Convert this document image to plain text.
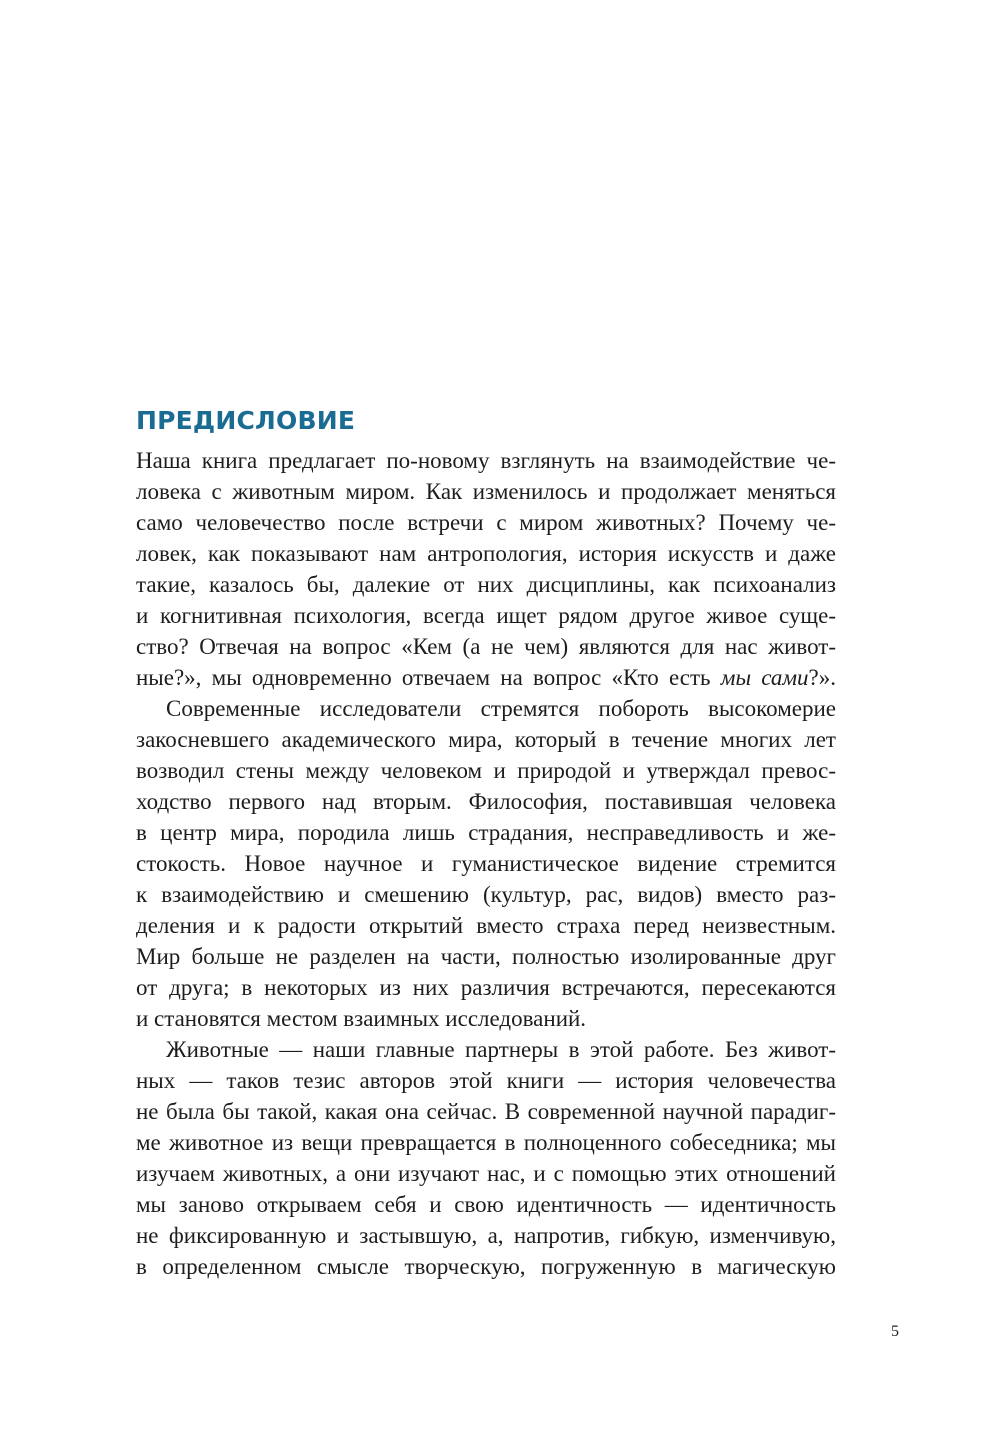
ПРЕДИСЛОВИЕ
Наша книга предлагает по-новому взглянуть на взаимодействие че-
ловека с животным миром. Как изменилось и продолжает меняться
само человечество после встречи с миром животных? Почему че-
ловек, как показывают нам антропология, история искусств и даже
такие, казалось бы, далекие от них дисциплины, как психоанализ
и когнитивная психология, всегда ищет рядом другое живое суще-
ство? Отвечая на вопрос «Кем (а не чем) являются для нас живот-
ные?», мы одновременно отвечаем на вопрос «Кто есть мы сами?».
Современные исследователи стремятся побороть высокомерие
закосневшего академического мира, который в течение многих лет
возводил стены между человеком и природой и утверждал превос-
ходство первого над вторым. Философия, поставившая человека
в центр мира, породила лишь страдания, несправедливость и же-
стокость. Новое научное и гуманистическое видение стремится
к взаимодействию и смешению (культур, рас, видов) вместо раз-
деления и к радости открытий вместо страха перед неизвестным.
Мир больше не разделен на части, полностью изолированные друг
от друга; в некоторых из них различия встречаются, пересекаются
и становятся местом взаимных исследований.
Животные — наши главные партнеры в этой работе. Без живот-
ных — таков тезис авторов этой книги — история человечества
не была бы такой, какая она сейчас. В современной научной парадиг-
ме животное из вещи превращается в полноценного собеседника; мы
изучаем животных, а они изучают нас, и с помощью этих отношений
мы заново открываем себя и свою идентичность — идентичность
не фиксированную и застывшую, а, напротив, гибкую, изменчивую,
в определенном смысле творческую, погруженную в магическую
5
